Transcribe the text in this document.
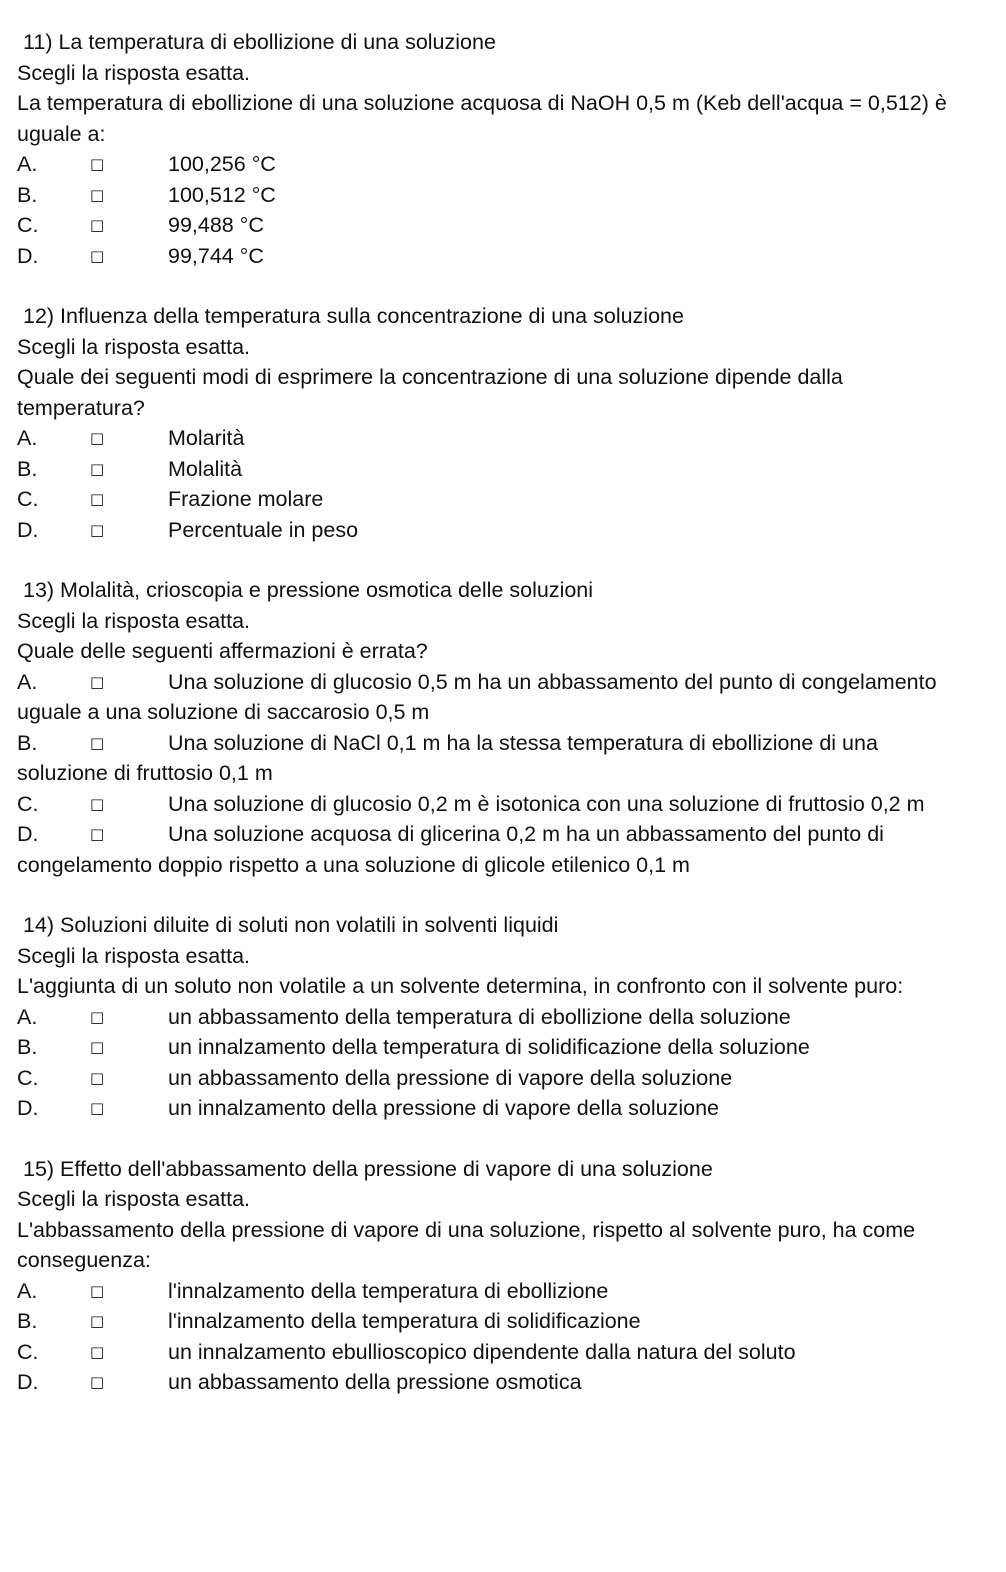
11) La temperatura di ebollizione di una soluzione
Scegli la risposta esatta.
La temperatura di ebollizione di una soluzione acquosa di NaOH 0,5 m (Keb dell'acqua = 0,512) è uguale a:
A.	□	100,256 °C
B.	□	100,512 °C
C.	□	99,488 °C
D.	□	99,744 °C
12) Influenza della temperatura sulla concentrazione di una soluzione
Scegli la risposta esatta.
Quale dei seguenti modi di esprimere la concentrazione di una soluzione dipende dalla temperatura?
A.	□	Molarità
B.	□	Molalità
C.	□	Frazione molare
D.	□	Percentuale in peso
13) Molalità, crioscopia e pressione osmotica delle soluzioni
Scegli la risposta esatta.
Quale delle seguenti affermazioni è errata?
A.	□	Una soluzione di glucosio 0,5 m ha un abbassamento del punto di congelamento uguale a una soluzione di saccarosio 0,5 m
B.	□	Una soluzione di NaCl 0,1 m ha la stessa temperatura di ebollizione di una soluzione di fruttosio 0,1 m
C.	□	Una soluzione di glucosio 0,2 m è isotonica con una soluzione di fruttosio 0,2 m
D.	□	Una soluzione acquosa di glicerina 0,2 m ha un abbassamento del punto di congelamento doppio rispetto a una soluzione di glicole etilenico 0,1 m
14) Soluzioni diluite di soluti non volatili in solventi liquidi
Scegli la risposta esatta.
L'aggiunta di un soluto non volatile a un solvente determina, in confronto con il solvente puro:
A.	□	un abbassamento della temperatura di ebollizione della soluzione
B.	□	un innalzamento della temperatura di solidificazione della soluzione
C.	□	un abbassamento della pressione di vapore della soluzione
D.	□	un innalzamento della pressione di vapore della soluzione
15) Effetto dell'abbassamento della pressione di vapore di una soluzione
Scegli la risposta esatta.
L'abbassamento della pressione di vapore di una soluzione, rispetto al solvente puro, ha come conseguenza:
A.	□	l'innalzamento della temperatura di ebollizione
B.	□	l'innalzamento della temperatura di solidificazione
C.	□	un innalzamento ebullioscopico dipendente dalla natura del soluto
D.	□	un abbassamento della pressione osmotica
